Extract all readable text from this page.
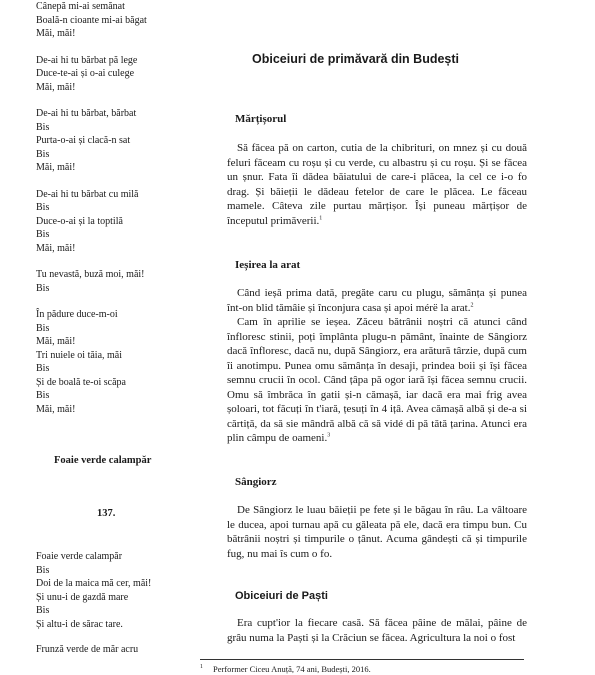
Cânepă mi-ai semănat
Boală-n cioante mi-ai băgat
Măi, măi!
De-ai hi tu bărbat pă lege
Duce-te-ai și o-ai culege
Măi, măi!
De-ai hi tu bărbat, bărbat
Bis
Purta-o-ai și clacă-n sat
Bis
Măi, măi!
De-ai hi tu bărbat cu milă
Bis
Duce-o-ai și la toptilă
Bis
Măi, măi!
Tu nevastă, buză moi, măi!
Bis
În pădure duce-m-oi
Bis
Măi, măi!
Tri nuiele oi tăia, măi
Bis
Și de boală te-oi scăpa
Bis
Măi, măi!
Foaie verde calampăr
137.
Foaie verde calampăr
Bis
Doi de la maica mă cer, măi!
Și unu-i de gazdă mare
Bis
Și altu-i de sărac tare.
Frunză verde de măr acru
Obiceiuri de primăvară din Budești
Mărțișorul

Să făcea pă on carton, cutia de la chibrituri, on mnez și cu două feluri făceam cu roșu și cu verde, cu albastru și cu roșu. Și se făcea un șnur. Fata îi dădea băiatului de care-i plăcea, la cel ce i-o fo drag. Și băieții le dădeau fetelor de care le plăcea. Le făceau mamele. Câteva zile purtau mărțișor. Își puneau mărțișor de începutul primăverii.$^1$

Ieșirea la arat

Când ieșă prima dată, pregăte caru cu plugu, sămânța și punea înt-on blid tămâie și înconjura casa și apoi mérë la arat.$^2$

Cam în aprilie se ieșea. Zăceu bătrânii noștri că atunci când înfloresc stinii, poți împlânta plugu-n pământ, înainte de Sângiorz dacă înfloresc, dacă nu, după Sângiorz, era arătură târzie, după cum îi anotimpu. Punea omu sămânța în desaji, prindea boii și își făcea semnu crucii în ocol. Când țâpa pă ogor iară își făcea semnu crucii. Omu să îmbrăca în gatii și-n cămașă, iar dacă era mai frig avea șoloari, tot făcuți în t'iară, țesuți în 4 ițâ. Avea cămașă albă și de-a si cărtiță, da să sie mândră albă că să vidé di pă tătă țarina. Atunci era plin câmpu de oameni.$^3$

Sângiorz

De Sângiorz le luau băieții pe fete și le băgau în râu. La vâltoare le ducea, apoi turnau apă cu găleata pă ele, dacă era timpu bun. Cu bătrânii noștri și timpurile o țânut. Acuma gândești că și timpurile fug, nu mai îs cum o fo.

Obiceiuri de Paști

Era cupt'ior la fiecare casă. Să făcea pâine de mălai, pâine de grâu numa la Paști și la Crăciun se făcea. Agricultura la noi o fost

$^1$ Performer Ciceu Anuță, 74 ani, Budești, 2016.
